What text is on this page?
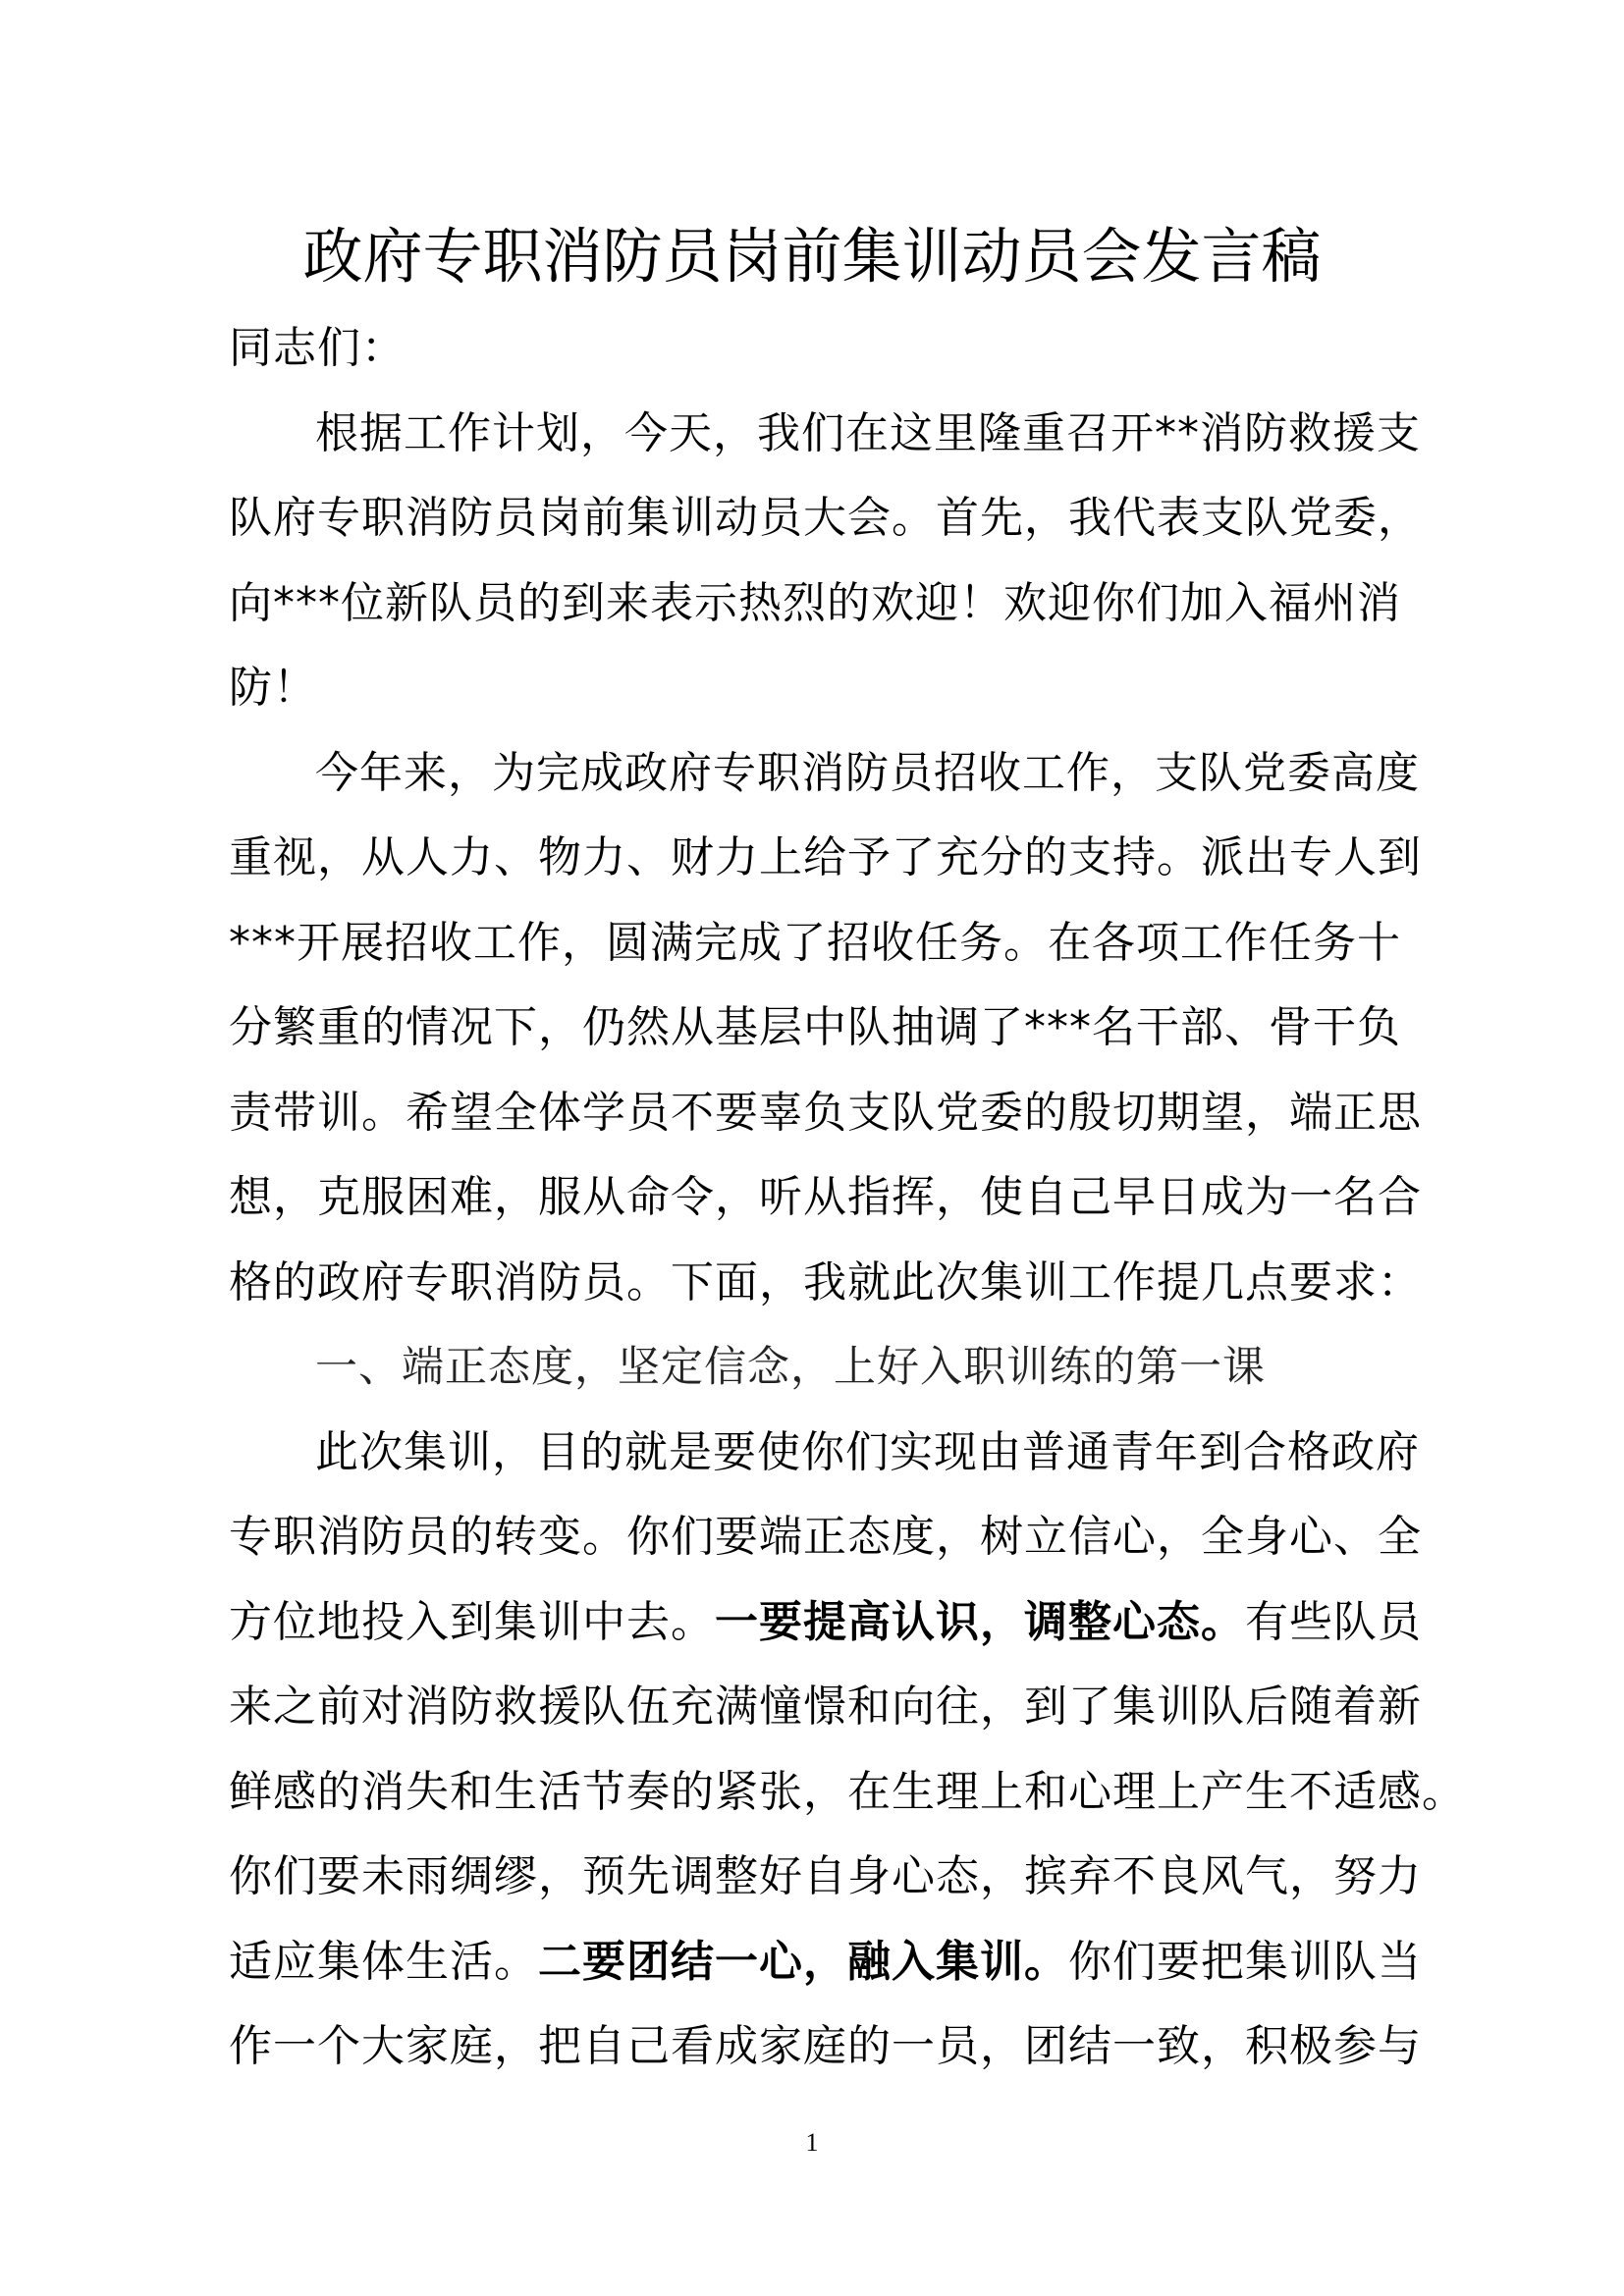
政府专职消防员岗前集训动员会发言稿
同志们：
根据工作计划，今天，我们在这里隆重召开**消防救援支
队府专职消防员岗前集训动员大会。首先，我代表支队党委，
向***位新队员的到来表示热烈的欢迎！欢迎你们加入福州消
防！
今年来，为完成政府专职消防员招收工作，支队党委高度
重视，从人力、物力、财力上给予了充分的支持。派出专人到
***开展招收工作，圆满完成了招收任务。在各项工作任务十
分繁重的情况下，仍然从基层中队抽调了***名干部、骨干负
责带训。希望全体学员不要辜负支队党委的殷切期望，端正思
想，克服困难，服从命令，听从指挥，使自己早日成为一名合
格的政府专职消防员。下面，我就此次集训工作提几点要求：
一、端正态度，坚定信念，上好入职训练的第一课
此次集训，目的就是要使你们实现由普通青年到合格政府
专职消防员的转变。你们要端正态度，树立信心，全身心、全
方位地投入到集训中去。一要提高认识，调整心态。有些队员
来之前对消防救援队伍充满憧憬和向往，到了集训队后随着新
鲜感的消失和生活节奏的紧张，在生理上和心理上产生不适感。
你们要未雨绸缪，预先调整好自身心态，摈弃不良风气，努力
适应集体生活。二要团结一心，融入集训。你们要把集训队当
作一个大家庭，把自己看成家庭的一员，团结一致，积极参与
1
